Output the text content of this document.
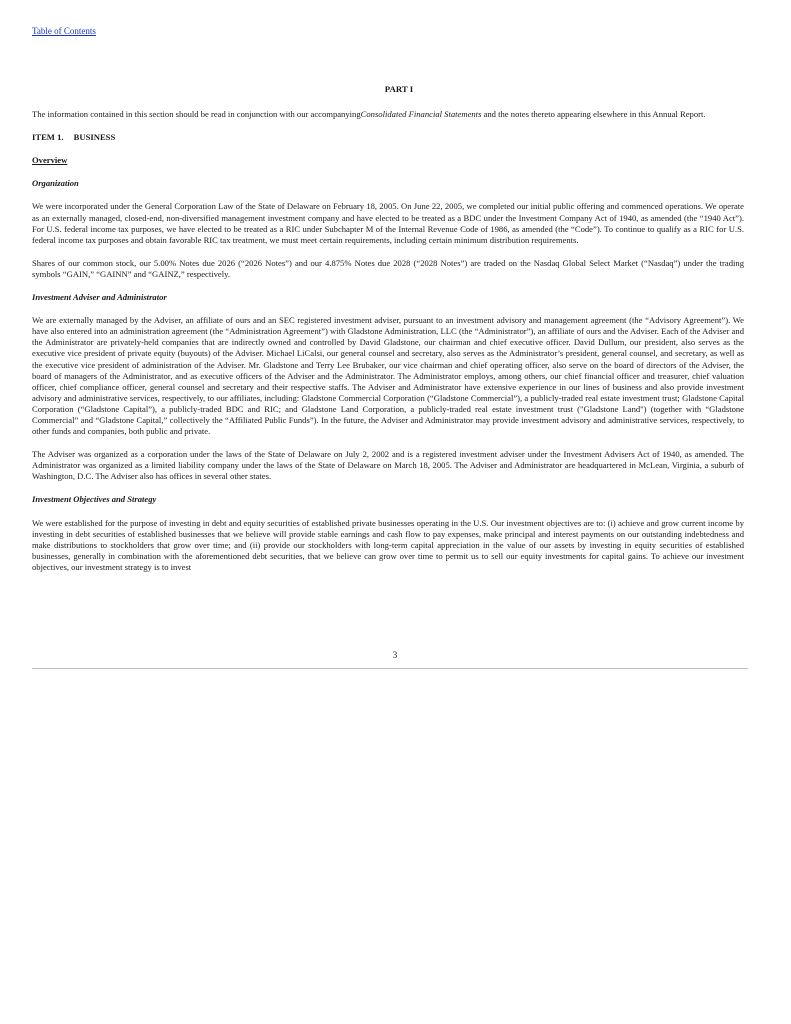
Table of Contents
PART I

The information contained in this section should be read in conjunction with our accompanyingConsolidated Financial Statements and the notes thereto appearing elsewhere in this Annual Report.

ITEM 1. BUSINESS
Overview
Organization

We were incorporated under the General Corporation Law of the State of Delaware on February 18, 2005. On June 22, 2005, we completed our initial public offering and commenced operations. We operate as an externally managed, closed-end, non-diversified management investment company and have elected to be treated as a BDC under the Investment Company Act of 1940, as amended (the “1940 Act”). For U.S. federal income tax purposes, we have elected to be treated as a RIC under Subchapter M of the Internal Revenue Code of 1986, as amended (the “Code”). To continue to qualify as a RIC for U.S. federal income tax purposes and obtain favorable RIC tax treatment, we must meet certain requirements, including certain minimum distribution requirements.

Shares of our common stock, our 5.00% Notes due 2026 (“2026 Notes”) and our 4.875% Notes due 2028 (“2028 Notes”) are traded on the Nasdaq Global Select Market (“Nasdaq”) under the trading symbols “GAIN,” “GAINN” and “GAINZ,” respectively.

Investment Adviser and Administrator

We are externally managed by the Adviser, an affiliate of ours and an SEC registered investment adviser, pursuant to an investment advisory and management agreement (the “Advisory Agreement”). We have also entered into an administration agreement (the “Administration Agreement”) with Gladstone Administration, LLC (the “Administrator”), an affiliate of ours and the Adviser. Each of the Adviser and the Administrator are privately-held companies that are indirectly owned and controlled by David Gladstone, our chairman and chief executive officer. David Dullum, our president, also serves as the executive vice president of private equity (buyouts) of the Adviser. Michael LiCalsi, our general counsel and secretary, also serves as the Administrator’s president, general counsel, and secretary, as well as the executive vice president of administration of the Adviser. Mr. Gladstone and Terry Lee Brubaker, our vice chairman and chief operating officer, also serve on the board of directors of the Adviser, the board of managers of the Administrator, and as executive officers of the Adviser and the Administrator. The Administrator employs, among others, our chief financial officer and treasurer, chief valuation officer, chief compliance officer, general counsel and secretary and their respective staffs. The Adviser and Administrator have extensive experience in our lines of business and also provide investment advisory and administrative services, respectively, to our affiliates, including: Gladstone Commercial Corporation (“Gladstone Commercial”), a publicly-traded real estate investment trust; Gladstone Capital Corporation (“Gladstone Capital”), a publicly-traded BDC and RIC; and Gladstone Land Corporation, a publicly-traded real estate investment trust ("Gladstone Land") (together with “Gladstone Commercial” and “Gladstone Capital,” collectively the “Affiliated Public Funds”). In the future, the Adviser and Administrator may provide investment advisory and administrative services, respectively, to other funds and companies, both public and private.

The Adviser was organized as a corporation under the laws of the State of Delaware on July 2, 2002 and is a registered investment adviser under the Investment Advisers Act of 1940, as amended. The Administrator was organized as a limited liability company under the laws of the State of Delaware on March 18, 2005. The Adviser and Administrator are headquartered in McLean, Virginia, a suburb of Washington, D.C. The Adviser also has offices in several other states.

Investment Objectives and Strategy

We were established for the purpose of investing in debt and equity securities of established private businesses operating in the U.S. Our investment objectives are to: (i) achieve and grow current income by investing in debt securities of established businesses that we believe will provide stable earnings and cash flow to pay expenses, make principal and interest payments on our outstanding indebtedness and make distributions to stockholders that grow over time; and (ii) provide our stockholders with long-term capital appreciation in the value of our assets by investing in equity securities of established businesses, generally in combination with the aforementioned debt securities, that we believe can grow over time to permit us to sell our equity investments for capital gains. To achieve our investment objectives, our investment strategy is to invest

3
